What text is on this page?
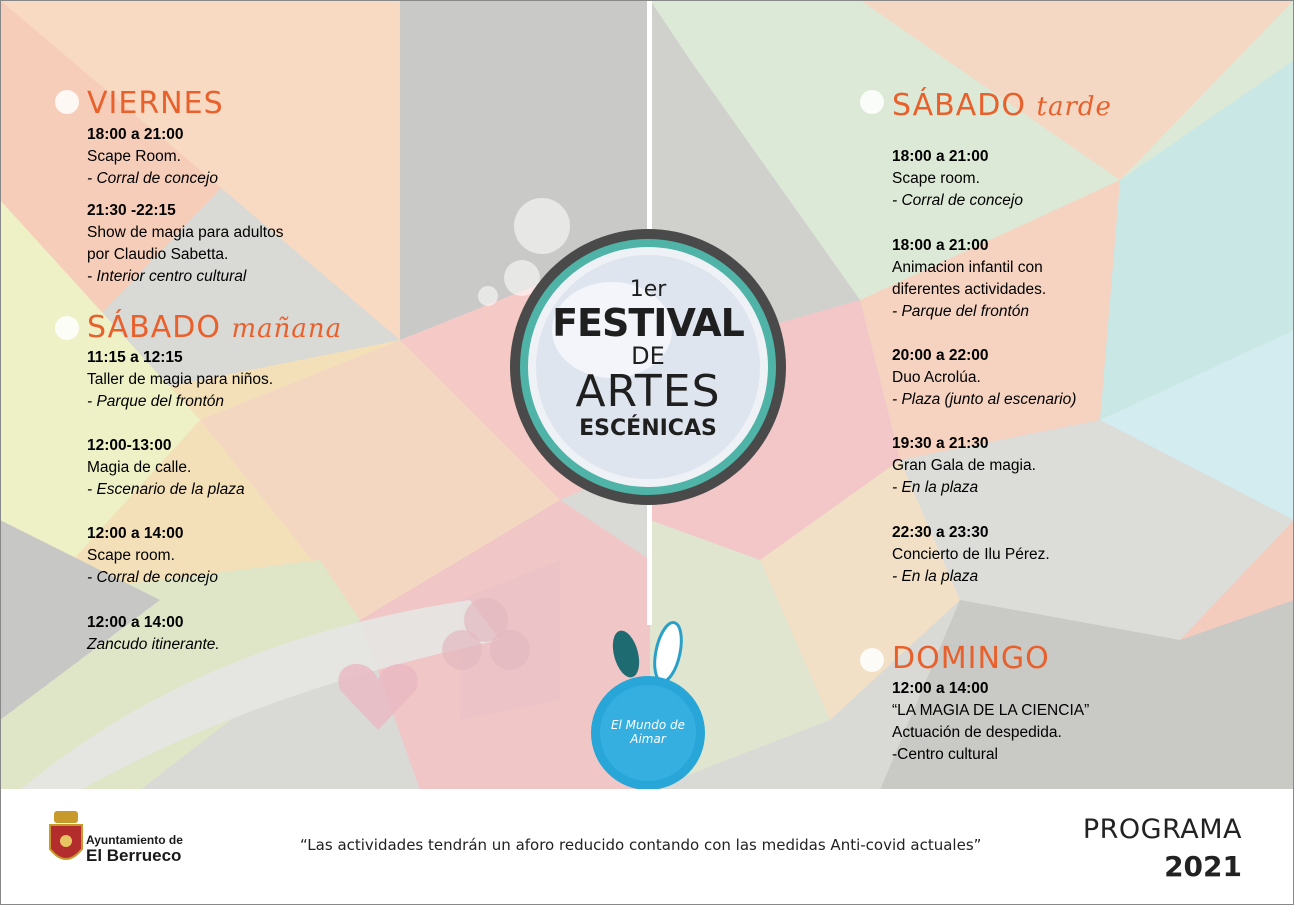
1er
FESTIVAL
DE
ARTES
ESCÉNICAS
El Mundo de Aimar
VIERNES
18:00 a 21:00
Scape Room.
- Corral de concejo
21:30 -22:15
Show de magia para adultos
por Claudio Sabetta.
- Interior centro cultural
SÁBADO mañana
11:15 a 12:15
Taller de magia para niños.
- Parque del frontón
12:00-13:00
Magia de calle.
- Escenario de la plaza
12:00 a 14:00
Scape room.
- Corral de concejo
12:00 a 14:00
Zancudo itinerante.
SÁBADO tarde
18:00 a 21:00
Scape room.
- Corral de concejo
18:00 a 21:00
Animacion infantil con
diferentes actividades.
- Parque del frontón
20:00 a 22:00
Duo Acrolúa.
- Plaza (junto al escenario)
19:30 a 21:30
Gran Gala de magia.
- En la plaza
22:30 a 23:30
Concierto de Ilu Pérez.
- En la plaza
DOMINGO
12:00 a 14:00
“LA MAGIA DE LA CIENCIA”
Actuación de despedida.
-Centro cultural
Ayuntamiento de
El Berrueco
“Las actividades tendrán un aforo reducido contando con las medidas Anti-covid actuales”	PROGRAMA
2021
